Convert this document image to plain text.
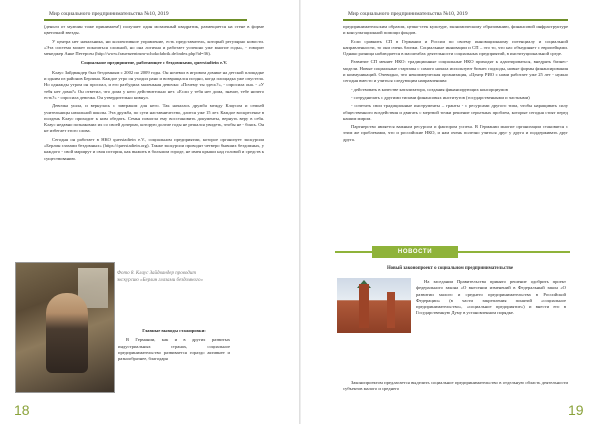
Мир социального предпринимательства №10, 2019

(деньги от мужчин тоже принимаем!) получает один мозаичный квадратик, размещается на стене в форме цветочной звезды.

У центра нет начальника, ни коллективное управление, есть представитель, который регулярно новости. «Эта система может показаться сложной, но она логична и работает успешно уже многие годы», - говорит менеджер Анке Петерсен (http://www.frauenzentrum-schokofabrik.de/index.php?id=36).

Социальное предприятие, работающее с бездомными, querstadtein e.V.

Клаус Зайдвандер был бездомным с 2002 по 2009 годы. Он ночевал в игровом домике на детской площадке и одним из районов Берлина. Каждое утро он уходил рано и возвращался поздно, когда площадка уже опустела. Но однажды утром он проспал, и его разбудила маленькая девочка: «Почему ты здесь?», - спросила она. - «У тебя нет дома?» Он ответил, что дома у него действительно нет. «Если у тебя нет дома, значит, тебе ничего есть?» - спросила девочка. Он утвердительно кивнул.

Девочка ушла, и вернулась с завтраком для него. Так началась дружба между Клаусом и семьей учительницы начальной школы. Эта дружба, по сути наставничество, длится уже 15 лет. Каждое воскресенье в полдень Клаус приходит к ним обедать. Семья помогла ему восстановить документы, вернуть веру в себя. Клаус недавно познакомил их со своей дочерью, которую долгие годы не решался увидеть, чтобы не - боясь. Он не избегает этого слова.

Сегодня он работает в НКО querstadtein e.V., социальном предприятии, которое организует экскурсии «Берлин глазами бездомных» (https://querstadtein.org). Также экскурсии проводят четверо бывших бездомных, у каждого - свой маршрут и своя история, как выжить в большом городе, не имея крыши над головой и средств к существованию.

Фото 8. Клаус Зайдвандер проводит экскурсию «Берлин глазами бездомного»

Главные выводы стажировки:

В Германии, как и в других развитых индустриальных странах, социальное предпринимательство развивается гораздо активнее и разнообразнее, благодаря

18
Мир социального предпринимательства №10, 2019

предпринимательским образом, цепко-стек культуре, экономическому образованию, финансовой инфраструктуре и консультационной помощи фондов.

Если сравнить СП в Германии и России по своему инновационному потенциалу и социальной направленности, то они очень близки. Социальные инновации и СП – это то, что нас объединяет с европейцами. Однако разница наблюдается в масштабах деятельности социальных предприятий, в институциональной среде.

Развитие СП меняет НКО: традиционные социальные НКО приходят к адаптироваться, внедрять бизнес-модели. Новые социальные стартапы с самого начала используют бизнес подходы, новые формы финансирования и коммуникаций. Очевидно, что некоммерческая организация, «Центр РИО с нами работает уже 25 лет - нужно сегодня вместо и учиться следующим направлениям:

- действовать в качестве катализатора, создания финансирующих консорциумов

- сотрудничать с другими типами финансовых институтов (государственными и частными)

- сочетать свои традиционные инструменты – гранты - с ресурсами другого типа, чтобы наращивать силу общественного воздействия и двигать с мертвой точки решение серьезных проблем, которые сегодня стоят перед нашим миром.

Партнерство является важным ресурсом и фактором успеха. В Германии многие организации становятся с этим же проблемами, что и российские НКО, и нам очень полезно учиться друг у друга и поддерживать друг друга.

НОВОСТИ ОФИЦИАЛЬНО
Новый законопроект о социальном предпринимательстве

На заседании Правительства принято решение одобрить проект федерального закона «О внесении изменений в Федеральный закон «О развитии малого и среднего предпринимательства в Российской Федерации» (в части закрепления понятий «социальное предпринимательство», «социальное предприятие») и внести его в Государственную Думу в установленном порядке.

Законопроектом предлагается выделить социальное предпринимательство в отдельную область деятельности субъектов малого и среднего

19
